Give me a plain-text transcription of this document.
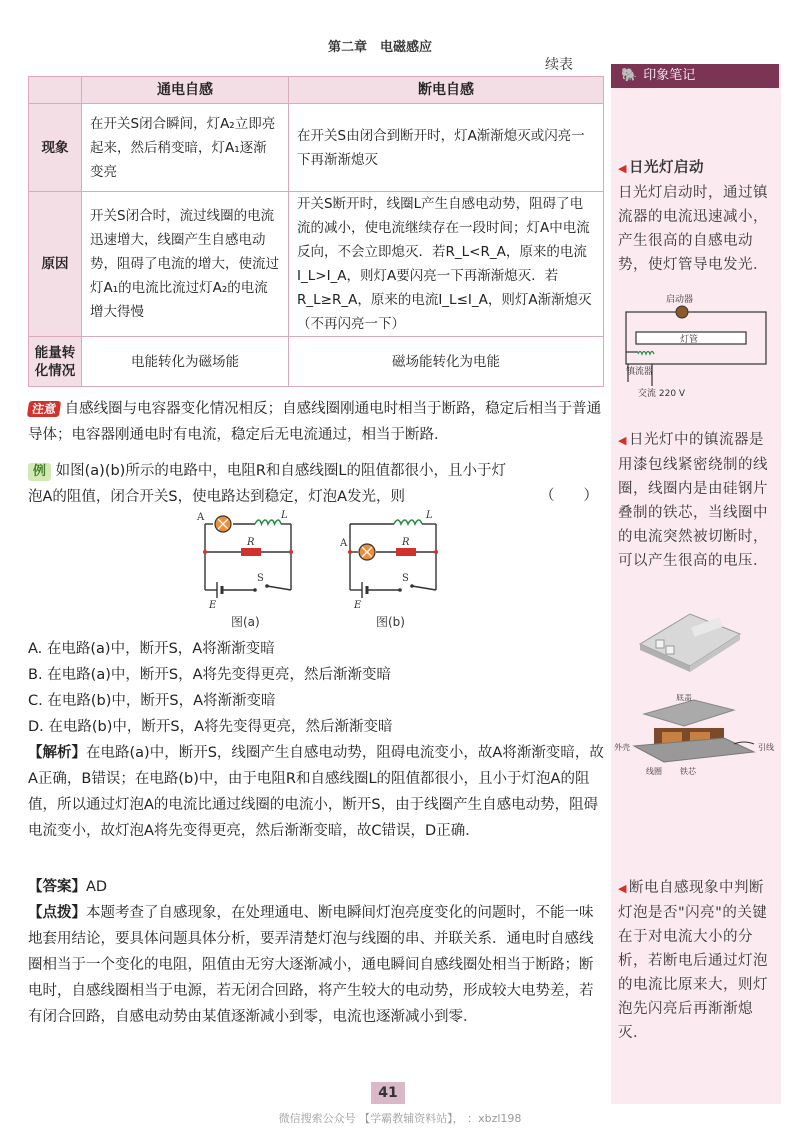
第二章　电磁感应
续表
	通电自感	断电自感
现象	在开关S闭合瞬间，灯A₂立即亮起来，然后稍变暗，灯A₁逐渐变亮	在开关S由闭合到断开时，灯A渐渐熄灭或闪亮一下再渐渐熄灭
原因	开关S闭合时，流过线圈的电流迅速增大，线圈产生自感电动势，阻碍了电流的增大，使流过灯A₁的电流比流过灯A₂的电流增大得慢	开关S断开时，线圈L产生自感电动势，阻碍了电流的减小，使电流继续存在一段时间；灯A中电流反向，不会立即熄灭．若R_L<R_A，原来的电流I_L>I_A，则灯A要闪亮一下再渐渐熄灭．若R_L≥R_A，原来的电流I_L≤I_A，则灯A渐渐熄灭（不再闪亮一下）
能量转化情况	电能转化为磁场能	磁场能转化为电能
注意 自感线圈与电容器变化情况相反；自感线圈刚通电时相当于断路，稳定后相当于普通导体；电容器刚通电时有电流，稳定后无电流通过，相当于断路．
例 如图(a)(b)所示的电路中，电阻R和自感线圈L的阻值都很小，且小于灯泡A的阻值，闭合开关S，使电路达到稳定，灯泡A发光，则	（　　）
A	L
R
S
E
图(a)
A
L
R
S
E
图(b)
A. 在电路(a)中，断开S，A将渐渐变暗
B. 在电路(a)中，断开S，A将先变得更亮，然后渐渐变暗
C. 在电路(b)中，断开S，A将渐渐变暗
D. 在电路(b)中，断开S，A将先变得更亮，然后渐渐变暗
【解析】在电路(a)中，断开S，线圈产生自感电动势，阻碍电流变小，故A将渐渐变暗，故A正确，B错误；在电路(b)中，由于电阻R和自感线圈L的阻值都很小，且小于灯泡A的阻值，所以通过灯泡A的电流比通过线圈的电流小，断开S，由于线圈产生自感电动势，阻碍电流变小，故灯泡A将先变得更亮，然后渐渐变暗，故C错误，D正确．
【答案】AD
【点拨】本题考查了自感现象，在处理通电、断电瞬间灯泡亮度变化的问题时，不能一味地套用结论，要具体问题具体分析，要弄清楚灯泡与线圈的串、并联关系．通电时自感线圈相当于一个变化的电阻，阻值由无穷大逐渐减小，通电瞬间自感线圈处相当于断路；断电时，自感线圈相当于电源，若无闭合回路，将产生较大的电动势，形成较大电势差，若有闭合回路，自感电动势由某值逐渐减小到零，电流也逐渐减小到零．
🐘 印象笔记
◀ 日光灯启动
日光灯启动时，通过镇流器的电流迅速减小，产生很高的自感电动势，使灯管导电发光．
启动器
灯管
镇流器
交流 220 V
◀ 日光灯中的镇流器是用漆包线紧密绕制的线圈，线圈内是由硅钢片叠制的铁芯，当线圈中的电流突然被切断时，可以产生很高的电压．
底盖
外壳
线圈 铁芯
引线
◀ 断电自感现象中判断灯泡是否"闪亮"的关键在于对电流大小的分析，若断电后通过灯泡的电流比原来大，则灯泡先闪亮后再渐渐熄灭．
41
微信搜索公众号 【学霸教辅资料站】， ：xbzl198
